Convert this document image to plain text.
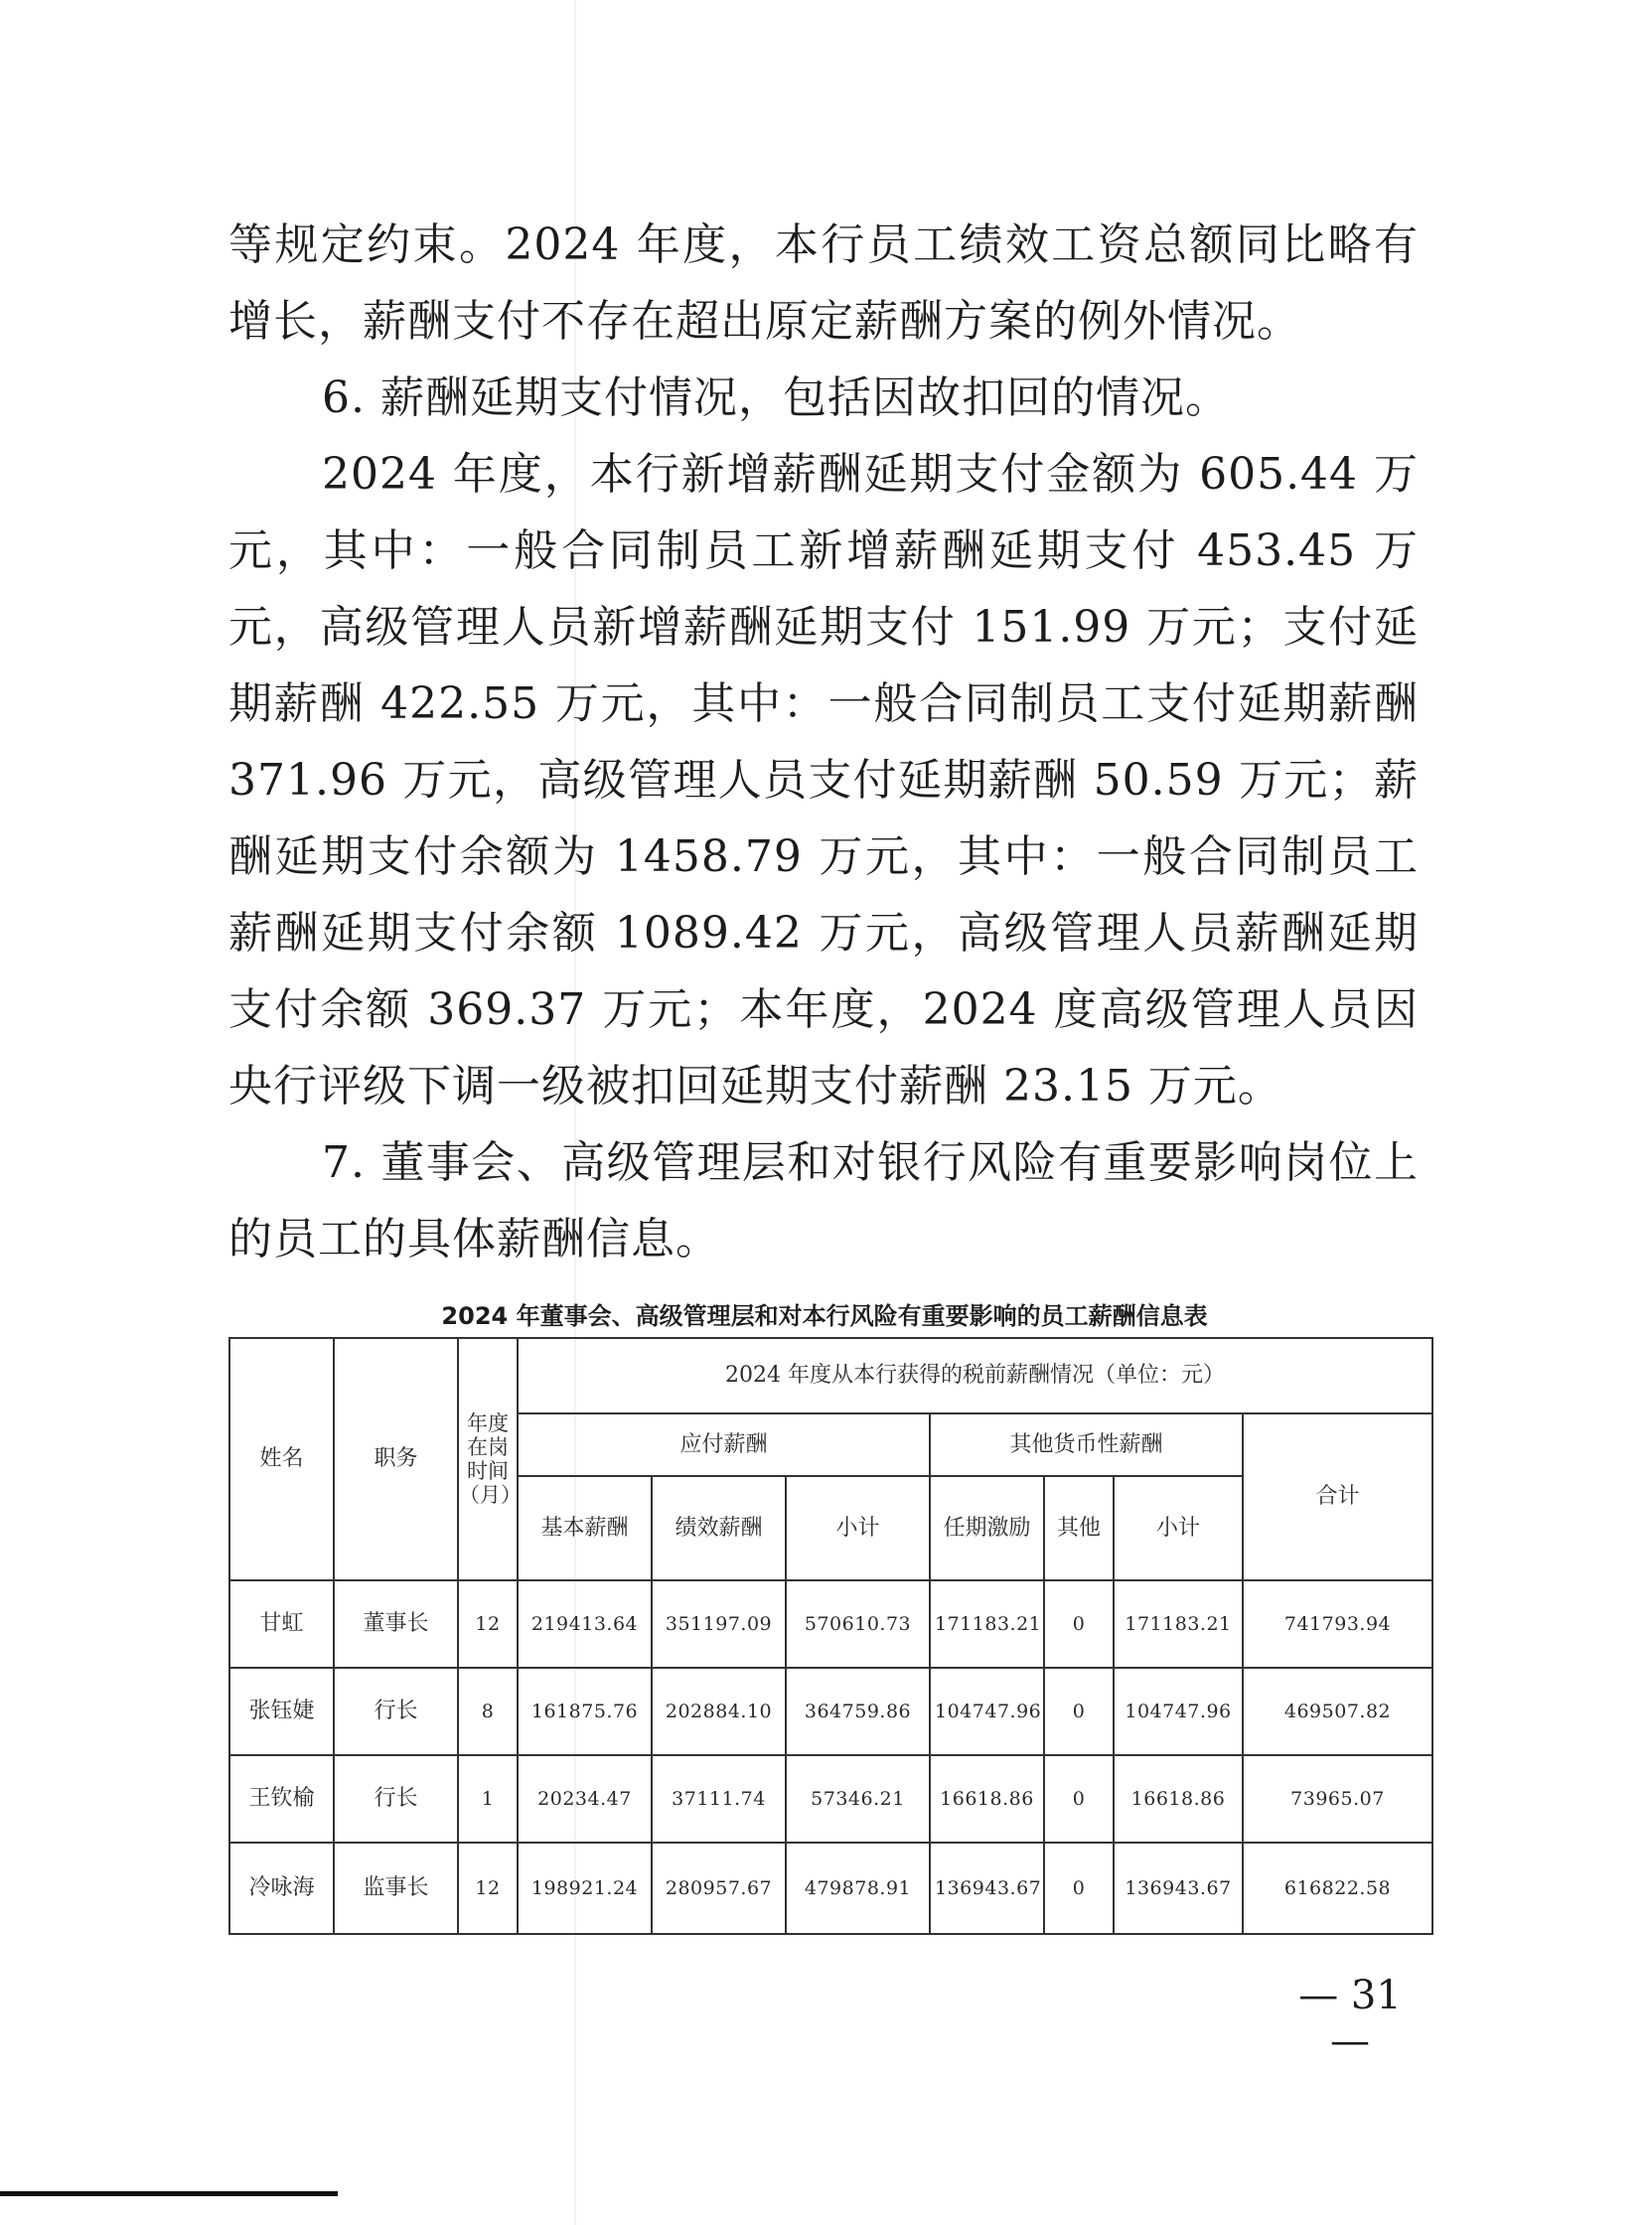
等规定约束。2024 年度，本行员工绩效工资总额同比略有增长，薪酬支付不存在超出原定薪酬方案的例外情况。

6. 薪酬延期支付情况，包括因故扣回的情况。

2024 年度，本行新增薪酬延期支付金额为 605.44 万元，其中：一般合同制员工新增薪酬延期支付 453.45 万元，高级管理人员新增薪酬延期支付 151.99 万元；支付延期薪酬 422.55 万元，其中：一般合同制员工支付延期薪酬 371.96 万元，高级管理人员支付延期薪酬 50.59 万元；薪酬延期支付余额为 1458.79 万元，其中：一般合同制员工薪酬延期支付余额 1089.42 万元，高级管理人员薪酬延期支付余额 369.37 万元；本年度，2024 度高级管理人员因央行评级下调一级被扣回延期支付薪酬 23.15 万元。

7. 董事会、高级管理层和对银行风险有重要影响岗位上的员工的具体薪酬信息。

2024 年董事会、高级管理层和对本行风险有重要影响的员工薪酬信息表
姓名	职务	年度在岗时间（月）	2024 年度从本行获得的税前薪酬情况（单位：元）						
			应付薪酬			其他货币性薪酬			合计
			基本薪酬	绩效薪酬	小计	任期激励	其他	小计	
甘虹	董事长	12	219413.64	351197.09	570610.73	171183.21	0	171183.21	741793.94
张钰婕	行长	8	161875.76	202884.10	364759.86	104747.96	0	104747.96	469507.82
王钦榆	行长	1	20234.47	37111.74	57346.21	16618.86	0	16618.86	73965.07
冷咏海	监事长	12	198921.24	280957.67	479878.91	136943.67	0	136943.67	616822.58
— 31 —
